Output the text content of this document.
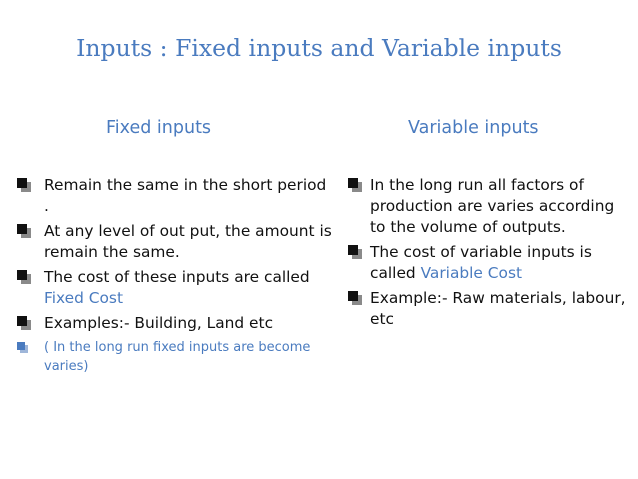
Inputs : Fixed inputs and Variable inputs
Fixed inputs	Variable inputs
Remain the same in the short period .
At any level of out put, the amount is remain the same.
The cost of these inputs are called Fixed Cost
Examples:- Building, Land etc
( In the long run fixed inputs are become varies)
In the long run all factors of production are varies according to the volume of outputs.
The cost of variable inputs is called Variable Cost
Example:- Raw materials, labour, etc
